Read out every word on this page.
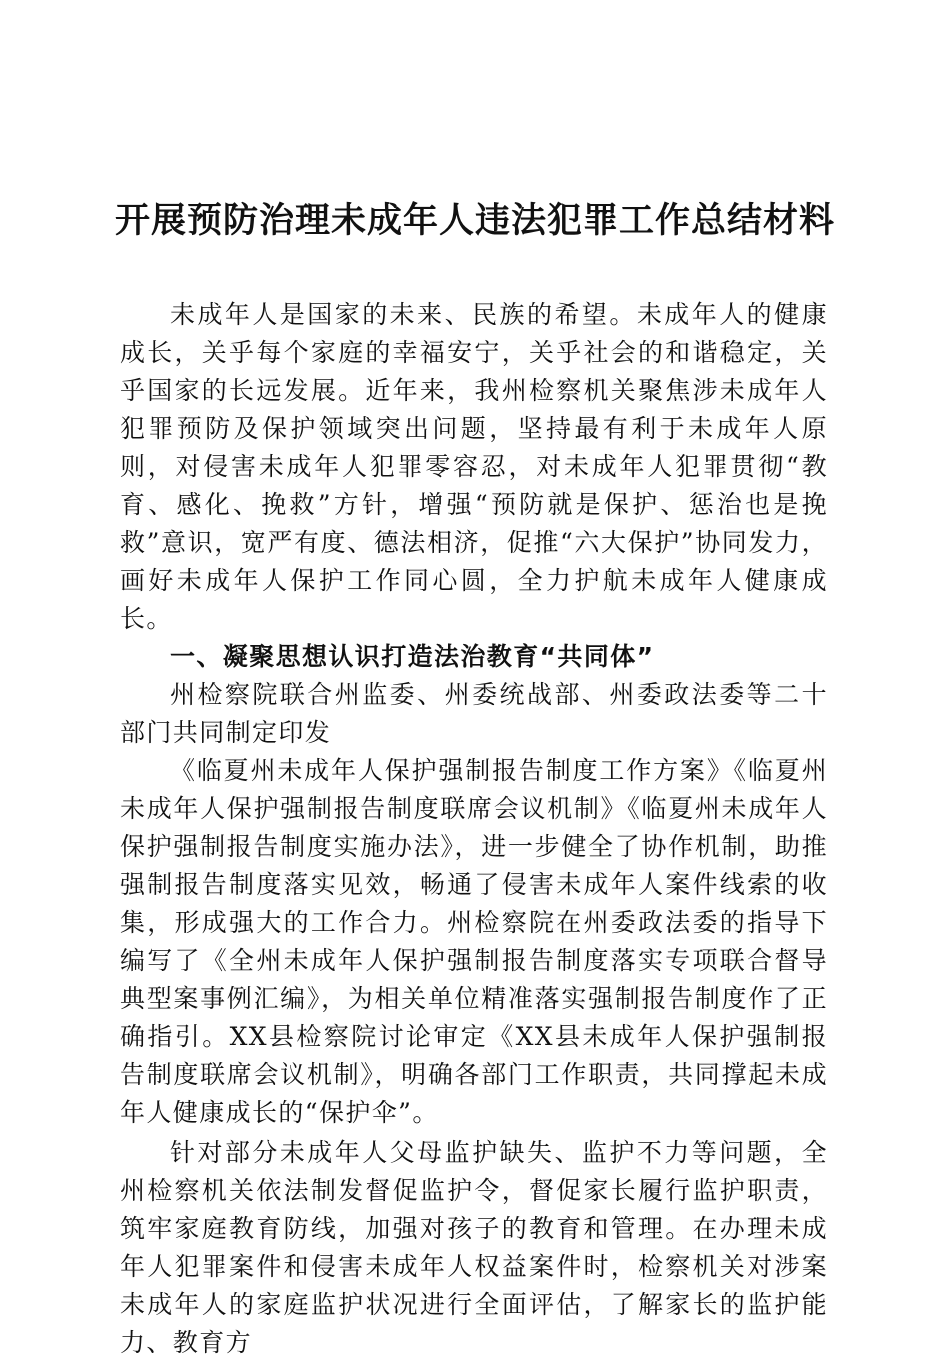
开展预防治理未成年人违法犯罪工作总结材料

未成年人是国家的未来、民族的希望。未成年人的健康成长，关乎每个家庭的幸福安宁，关乎社会的和谐稳定，关乎国家的长远发展。近年来，我州检察机关聚焦涉未成年人犯罪预防及保护领域突出问题，坚持最有利于未成年人原则，对侵害未成年人犯罪零容忍，对未成年人犯罪贯彻“教育、感化、挽救”方针，增强“预防就是保护、惩治也是挽救”意识，宽严有度、德法相济，促推“六大保护”协同发力，画好未成年人保护工作同心圆，全力护航未成年人健康成长。

一、凝聚思想认识打造法治教育“共同体”

州检察院联合州监委、州委统战部、州委政法委等二十部门共同制定印发

《临夏州未成年人保护强制报告制度工作方案》《临夏州未成年人保护强制报告制度联席会议机制》《临夏州未成年人保护强制报告制度实施办法》，进一步健全了协作机制，助推强制报告制度落实见效，畅通了侵害未成年人案件线索的收集，形成强大的工作合力。州检察院在州委政法委的指导下编写了《全州未成年人保护强制报告制度落实专项联合督导典型案事例汇编》，为相关单位精准落实强制报告制度作了正确指引。XX县检察院讨论审定《XX县未成年人保护强制报告制度联席会议机制》，明确各部门工作职责，共同撑起未成年人健康成长的“保护伞”。

针对部分未成年人父母监护缺失、监护不力等问题，全州检察机关依法制发督促监护令，督促家长履行监护职责，筑牢家庭教育防线，加强对孩子的教育和管理。在办理未成年人犯罪案件和侵害未成年人权益案件时，检察机关对涉案未成年人的家庭监护状况进行全面评估，了解家长的监护能力、教育方
